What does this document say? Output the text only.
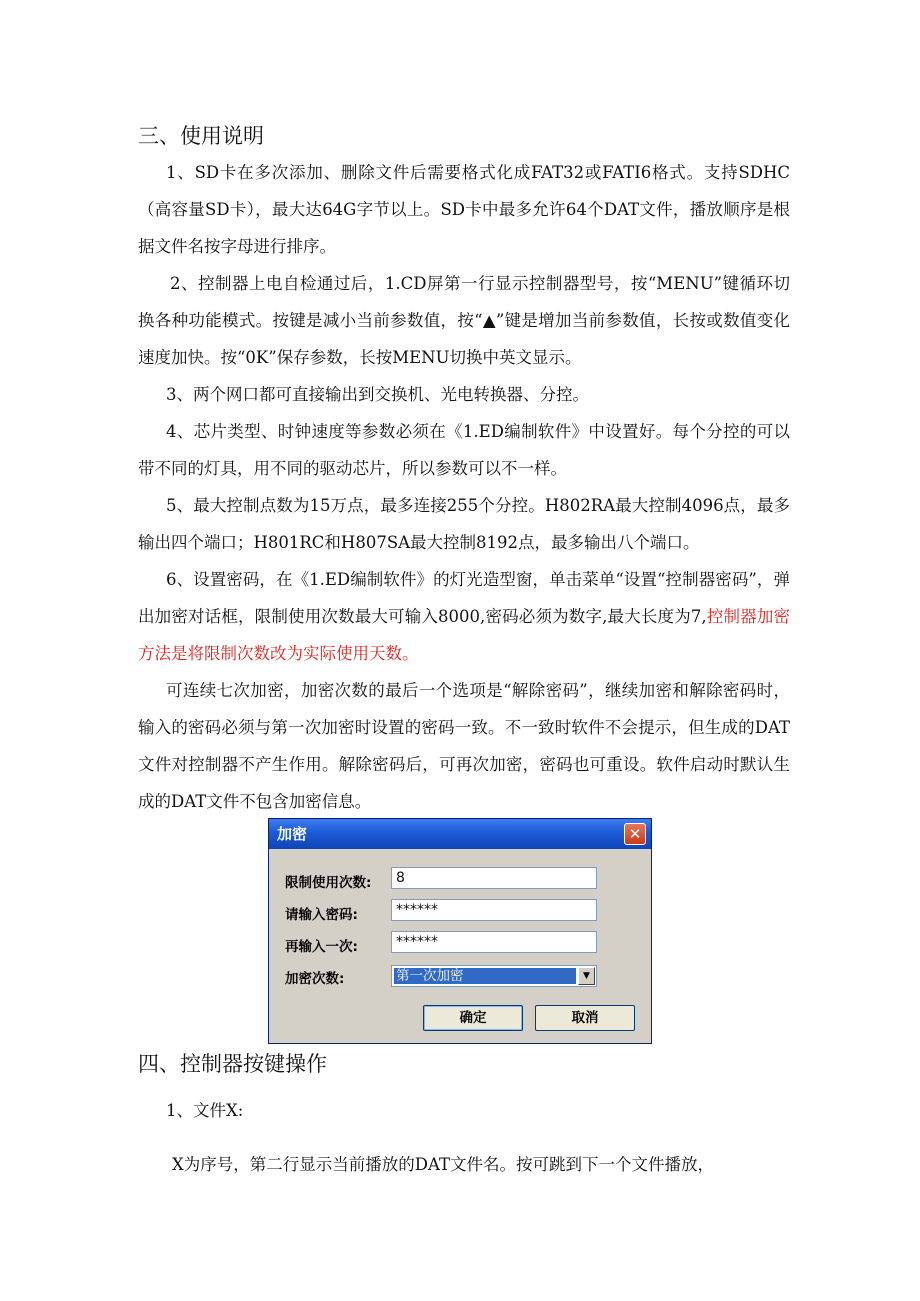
三、使用说明

1、SD卡在多次添加、删除文件后需要格式化成FAT32或FATI6格式。支持SDHC（高容量SD卡），最大达64G字节以上。SD卡中最多允许64个DAT文件，播放顺序是根据文件名按字母进行排序。

2、控制器上电自检通过后，1.CD屏第一行显示控制器型号，按“MENU”键循环切换各种功能模式。按键是减小当前参数值，按“▲”键是增加当前参数值，长按或数值变化速度加快。按“0K”保存参数，长按MENU切换中英文显示。

3、两个网口都可直接输出到交换机、光电转换器、分控。

4、芯片类型、时钟速度等参数必须在《1.ED编制软件》中设置好。每个分控的可以带不同的灯具，用不同的驱动芯片，所以参数可以不一样。

5、最大控制点数为15万点，最多连接255个分控。H802RA最大控制4096点，最多输出四个端口；H801RC和H807SA最大控制8192点，最多输出八个端口。

6、设置密码，在《1.ED编制软件》的灯光造型窗，单击菜单“设置“控制器密码”，弹出加密对话框，限制使用次数最大可输入8000,密码必须为数字,最大长度为7,控制器加密方法是将限制次数改为实际使用天数。

可连续七次加密，加密次数的最后一个选项是“解除密码”，继续加密和解除密码时，输入的密码必须与第一次加密时设置的密码一致。不一致时软件不会提示，但生成的DAT文件对控制器不产生作用。解除密码后，可再次加密，密码也可重设。软件启动时默认生成的DAT文件不包含加密信息。

加密	✕
限制使用次数:	8
请输入密码:	******
再输入一次:	******
加密次数:	第一次加密	▼
确定	取消
四、控制器按键操作

1、文件X:

X为序号，第二行显示当前播放的DAT文件名。按可跳到下一个文件播放，
